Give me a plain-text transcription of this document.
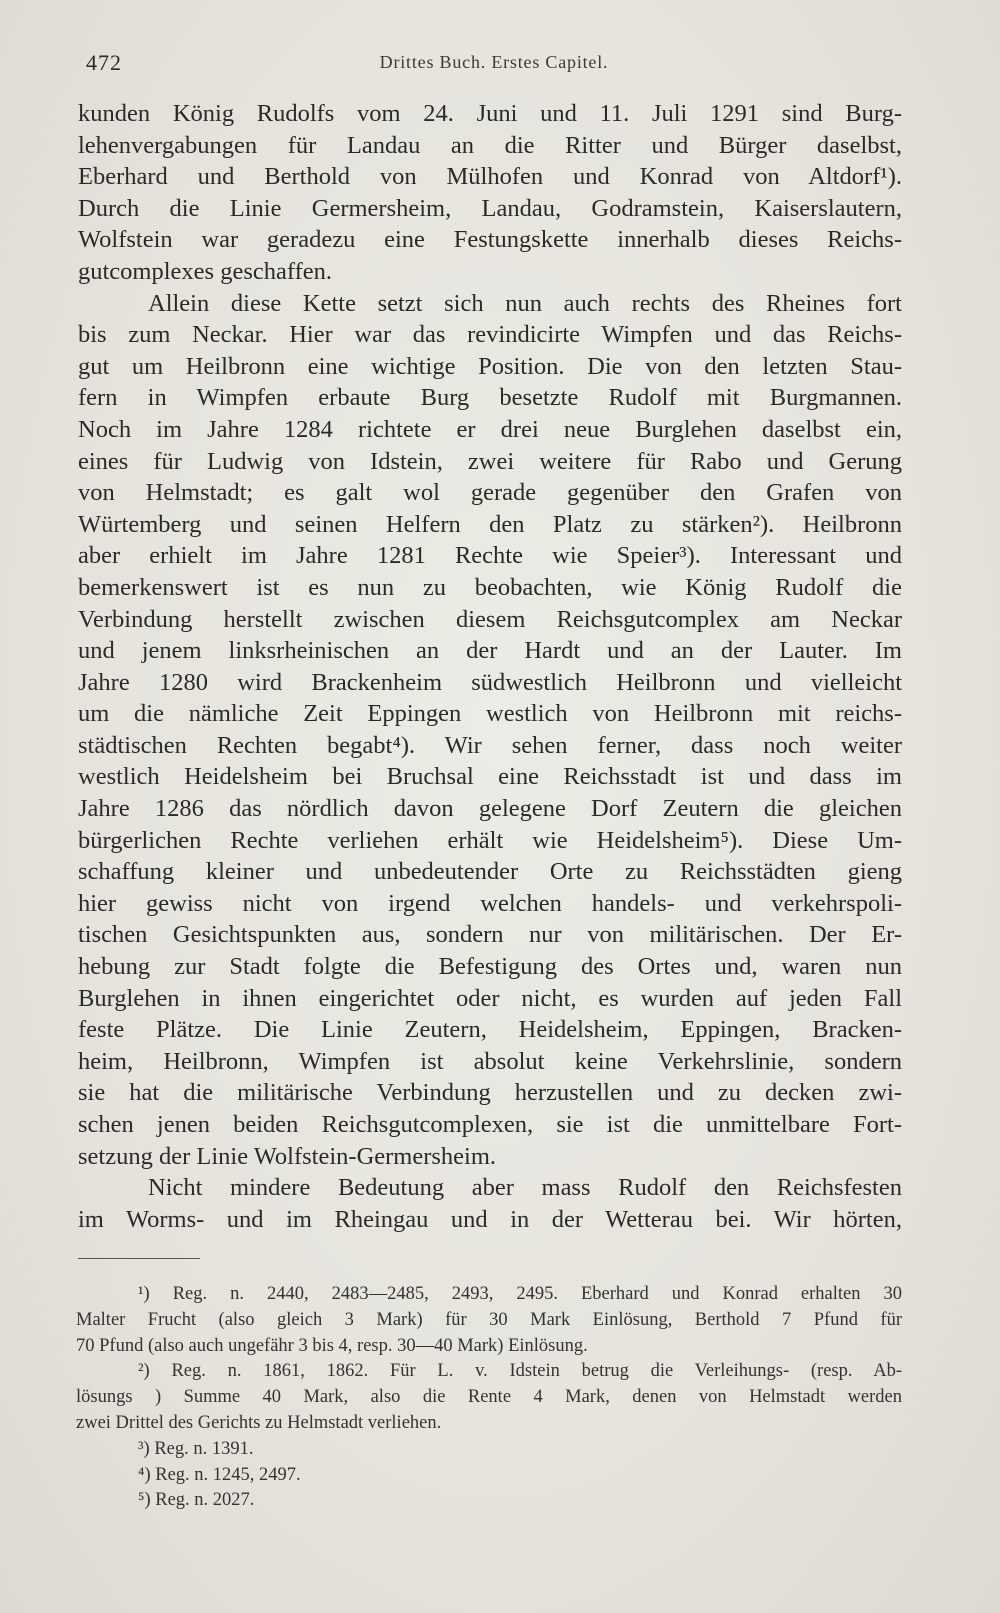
472	Drittes Buch. Erstes Capitel.
kunden König Rudolfs vom 24. Juni und 11. Juli 1291 sind Burg-
lehenvergabungen für Landau an die Ritter und Bürger daselbst,
Eberhard und Berthold von Mülhofen und Konrad von Altdorf¹).
Durch die Linie Germersheim, Landau, Godramstein, Kaiserslautern,
Wolfstein war geradezu eine Festungskette innerhalb dieses Reichs-
gutcomplexes geschaffen.
Allein diese Kette setzt sich nun auch rechts des Rheines fort
bis zum Neckar. Hier war das revindicirte Wimpfen und das Reichs-
gut um Heilbronn eine wichtige Position. Die von den letzten Stau-
fern in Wimpfen erbaute Burg besetzte Rudolf mit Burgmannen.
Noch im Jahre 1284 richtete er drei neue Burglehen daselbst ein,
eines für Ludwig von Idstein, zwei weitere für Rabo und Gerung
von Helmstadt; es galt wol gerade gegenüber den Grafen von
Würtemberg und seinen Helfern den Platz zu stärken²). Heilbronn
aber erhielt im Jahre 1281 Rechte wie Speier³). Interessant und
bemerkenswert ist es nun zu beobachten, wie König Rudolf die
Verbindung herstellt zwischen diesem Reichsgutcomplex am Neckar
und jenem linksrheinischen an der Hardt und an der Lauter. Im
Jahre 1280 wird Brackenheim südwestlich Heilbronn und vielleicht
um die nämliche Zeit Eppingen westlich von Heilbronn mit reichs-
städtischen Rechten begabt⁴). Wir sehen ferner, dass noch weiter
westlich Heidelsheim bei Bruchsal eine Reichsstadt ist und dass im
Jahre 1286 das nördlich davon gelegene Dorf Zeutern die gleichen
bürgerlichen Rechte verliehen erhält wie Heidelsheim⁵). Diese Um-
schaffung kleiner und unbedeutender Orte zu Reichsstädten gieng
hier gewiss nicht von irgend welchen handels- und verkehrspoli-
tischen Gesichtspunkten aus, sondern nur von militärischen. Der Er-
hebung zur Stadt folgte die Befestigung des Ortes und, waren nun
Burglehen in ihnen eingerichtet oder nicht, es wurden auf jeden Fall
feste Plätze. Die Linie Zeutern, Heidelsheim, Eppingen, Bracken-
heim, Heilbronn, Wimpfen ist absolut keine Verkehrslinie, sondern
sie hat die militärische Verbindung herzustellen und zu decken zwi-
schen jenen beiden Reichsgutcomplexen, sie ist die unmittelbare Fort-
setzung der Linie Wolfstein-Germersheim.
Nicht mindere Bedeutung aber mass Rudolf den Reichsfesten
im Worms- und im Rheingau und in der Wetterau bei. Wir hörten,
¹) Reg. n. 2440, 2483—2485, 2493, 2495. Eberhard und Konrad erhalten 30
Malter Frucht (also gleich 3 Mark) für 30 Mark Einlösung, Berthold 7 Pfund für
70 Pfund (also auch ungefähr 3 bis 4, resp. 30—40 Mark) Einlösung.
²) Reg. n. 1861, 1862. Für L. v. Idstein betrug die Verleihungs- (resp. Ab-
lösungs ) Summe 40 Mark, also die Rente 4 Mark, denen von Helmstadt werden
zwei Drittel des Gerichts zu Helmstadt verliehen.
³) Reg. n. 1391.
⁴) Reg. n. 1245, 2497.
⁵) Reg. n. 2027.
